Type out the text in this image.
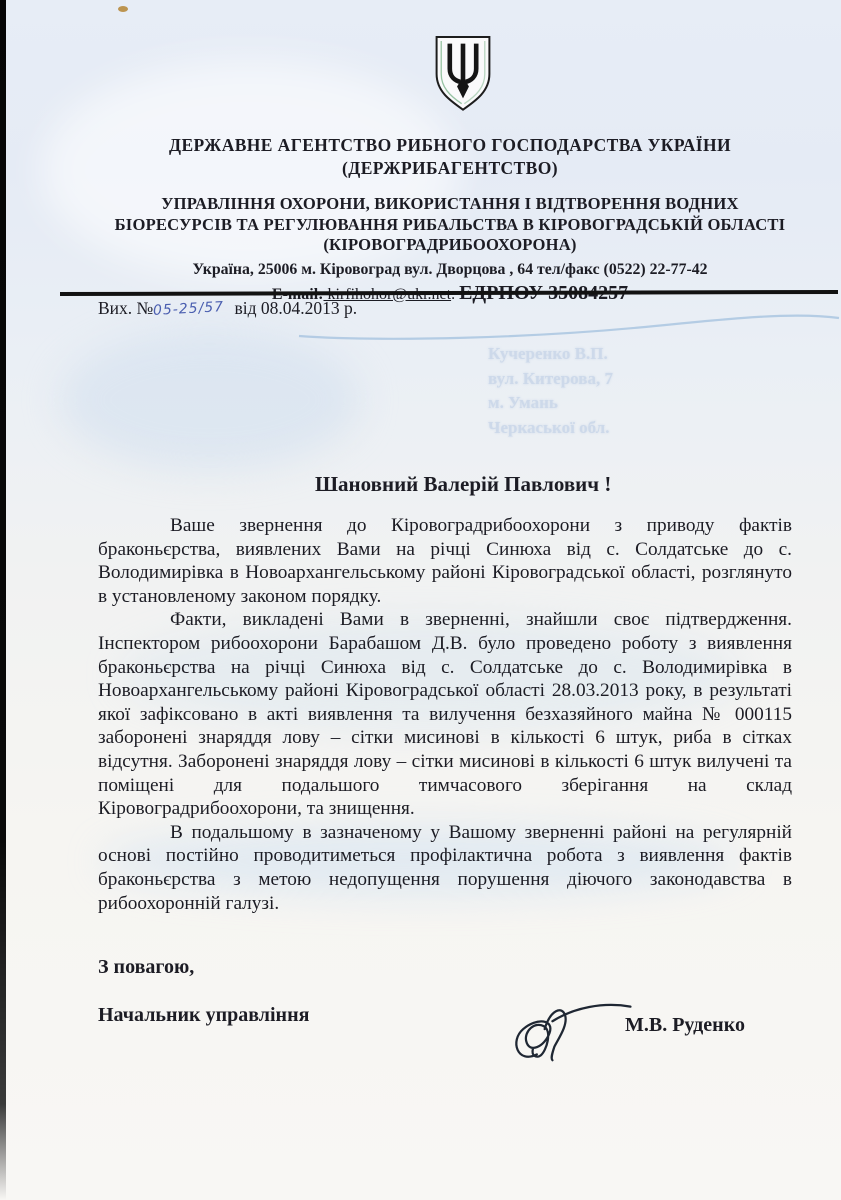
ДЕРЖАВНЕ АГЕНТСТВО РИБНОГО ГОСПОДАРСТВА УКРАЇНИ
(ДЕРЖРИБАГЕНТСТВО)
УПРАВЛІННЯ ОХОРОНИ, ВИКОРИСТАННЯ І ВІДТВОРЕННЯ ВОДНИХ
БІОРЕСУРСІВ ТА РЕГУЛЮВАННЯ РИБАЛЬСТВА В КІРОВОГРАДСЬКІЙ ОБЛАСТІ
(КІРОВОГРАДРИБООХОРОНА)
Україна, 25006 м. Кіровоград вул. Дворцова , 64 тел/факс (0522) 22-77-42
Вих. №05-25/57 від 08.04.2013 р.
Кучеренко В.П.
вул. Китерова, 7
м. Умань
Черкаської обл.
Шановний Валерій Павлович !

Ваше звернення до Кіровоградрибоохорони з приводу фактів браконьєрства, виявлених Вами на річці Синюха від с. Солдатське до с. Володимирівка в Новоархангельському районі Кіровоградської області, розглянуто в установленому законом порядку.

Факти, викладені Вами в зверненні, знайшли своє підтвердження. Інспектором рибоохорони Барабашом Д.В. було проведено роботу з виявлення браконьєрства на річці Синюха від с. Солдатське до с. Володимирівка в Новоархангельському районі Кіровоградської області 28.03.2013 року, в результаті якої зафіксовано в акті виявлення та вилучення безхазяйного майна № 000115 заборонені знаряддя лову – сітки мисинові в кількості 6 штук, риба в сітках відсутня. Заборонені знаряддя лову – сітки мисинові в кількості 6 штук вилучені та поміщені для подальшого тимчасового зберігання на склад Кіровоградрибоохорони, та знищення.

В подальшому в зазначеному у Вашому зверненні районі на регулярній основі постійно проводитиметься профілактична робота з виявлення фактів браконьєрства з метою недопущення порушення діючого законодавства в рибоохоронній галузі.

З повагою,
Начальник управління	М.В. Руденко
